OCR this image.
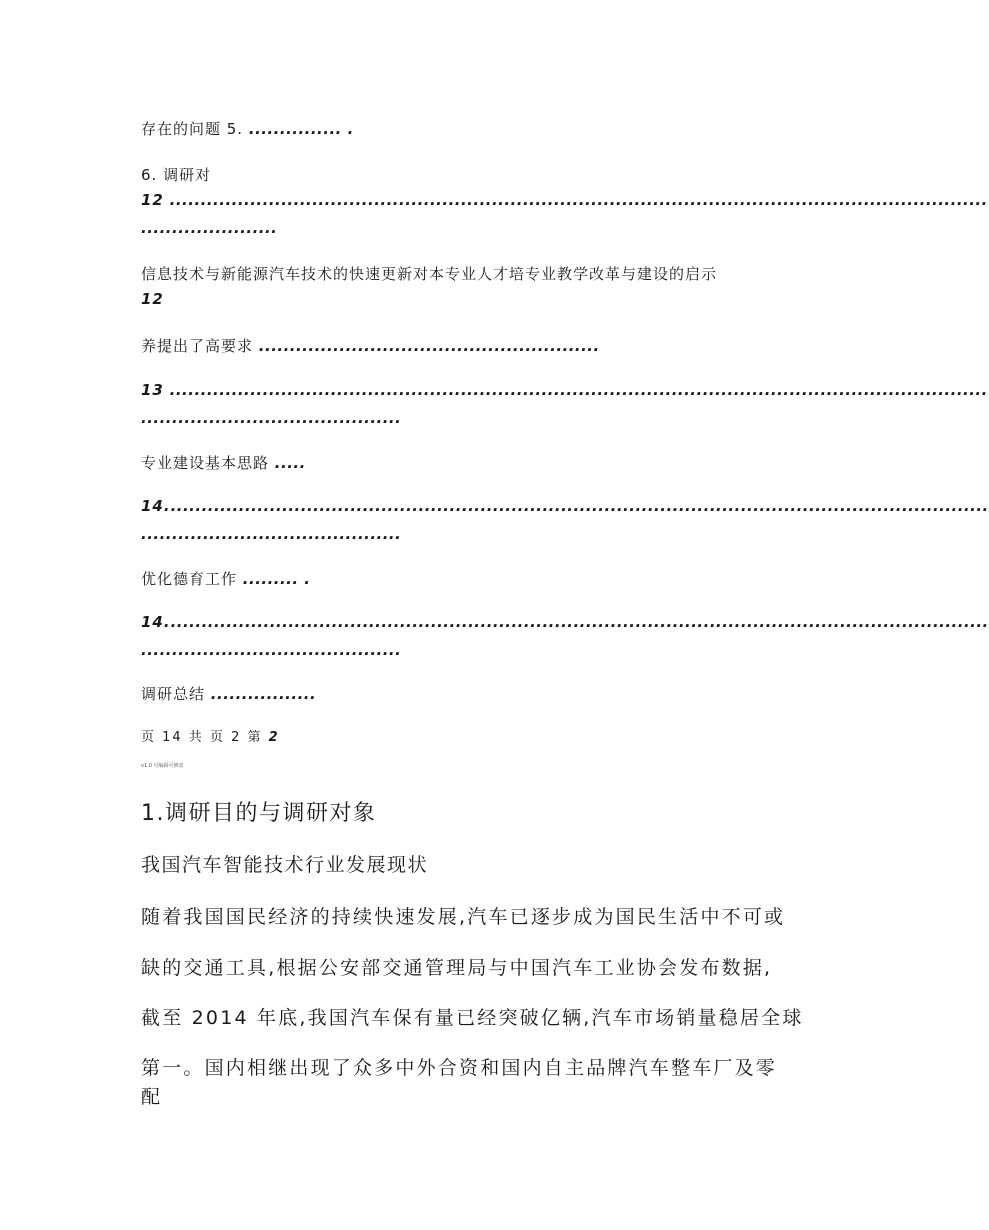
存在的问题 5. ............... .

6. 调研对

12 ....................................................................................................................................

......................

信息技术与新能源汽车技术的快速更新对本专业人才培专业教学改革与建设的启示

12

养提出了高要求 .......................................................

13 ....................................................................................................................................

..........................................

专业建设基本思路 .....

14.....................................................................................................................................

..........................................

优化德育工作 ......... .

14.....................................................................................................................................

..........................................

调研总结 .................

页 14 共 页 2 第 2

v1.0 可编辑可修改

1.调研目的与调研对象

我国汽车智能技术行业发展现状

随着我国国民经济的持续快速发展,汽车已逐步成为国民生活中不可或

缺的交通工具,根据公安部交通管理局与中国汽车工业协会发布数据,

截至 2014 年底,我国汽车保有量已经突破亿辆,汽车市场销量稳居全球

第一。国内相继出现了众多中外合资和国内自主品牌汽车整车厂及零

配
